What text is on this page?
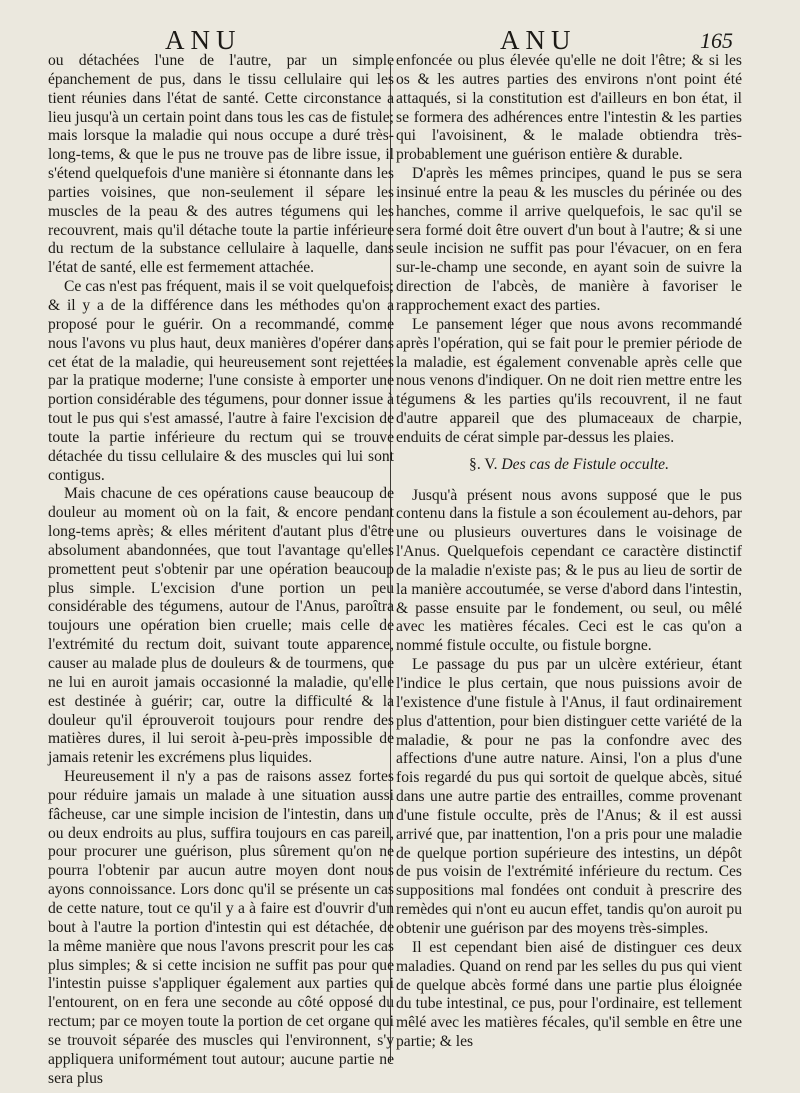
ANU	ANU	165

ou détachées l'une de l'autre, par un simple épanchement de pus, dans le tissu cellulaire qui les tient réunies dans l'état de santé. Cette circonstance a lieu jusqu'à un certain point dans tous les cas de fistule; mais lorsque la maladie qui nous occupe a duré très-long-tems, & que le pus ne trouve pas de libre issue, il s'étend quelquefois d'une manière si étonnante dans les parties voisines, que non-seulement il sépare les muscles de la peau & des autres tégumens qui les recouvrent, mais qu'il détache toute la partie inférieure du rectum de la substance cellulaire à laquelle, dans l'état de santé, elle est fermement attachée.

Ce cas n'est pas fréquent, mais il se voit quelquefois; & il y a de la différence dans les méthodes qu'on a proposé pour le guérir. On a recommandé, comme nous l'avons vu plus haut, deux manières d'opérer dans cet état de la maladie, qui heureusement sont rejettées par la pratique moderne; l'une consiste à emporter une portion considérable des tégumens, pour donner issue à tout le pus qui s'est amassé, l'autre à faire l'excision de toute la partie inférieure du rectum qui se trouve détachée du tissu cellulaire & des muscles qui lui sont contigus.

Mais chacune de ces opérations cause beaucoup de douleur au moment où on la fait, & encore pendant long-tems après; & elles méritent d'autant plus d'être absolument abandonnées, que tout l'avantage qu'elles promettent peut s'obtenir par une opération beaucoup plus simple. L'excision d'une portion un peu considérable des tégumens, autour de l'Anus, paroîtra toujours une opération bien cruelle; mais celle de l'extrémité du rectum doit, suivant toute apparence, causer au malade plus de douleurs & de tourmens, que ne lui en auroit jamais occasionné la maladie, qu'elle est destinée à guérir; car, outre la difficulté & la douleur qu'il éprouveroit toujours pour rendre des matières dures, il lui seroit à-peu-près impossible de jamais retenir les excrémens plus liquides.

Heureusement il n'y a pas de raisons assez fortes pour réduire jamais un malade à une situation aussi fâcheuse, car une simple incision de l'intestin, dans un ou deux endroits au plus, suffira toujours en cas pareil, pour procurer une guérison, plus sûrement qu'on ne pourra l'obtenir par aucun autre moyen dont nous ayons connoissance. Lors donc qu'il se présente un cas de cette nature, tout ce qu'il y a à faire est d'ouvrir d'un bout à l'autre la portion d'intestin qui est détachée, de la même manière que nous l'avons prescrit pour les cas plus simples; & si cette incision ne suffit pas pour que l'intestin puisse s'appliquer également aux parties qui l'entourent, on en fera une seconde au côté opposé du rectum; par ce moyen toute la portion de cet organe qui se trouvoit séparée des muscles qui l'environnent, s'y appliquera uniformément tout autour; aucune partie ne sera plus

enfoncée ou plus élevée qu'elle ne doit l'être; & si les os & les autres parties des environs n'ont point été attaqués, si la constitution est d'ailleurs en bon état, il se formera des adhérences entre l'intestin & les parties qui l'avoisinent, & le malade obtiendra très-probablement une guérison entière & durable.

D'après les mêmes principes, quand le pus se sera insinué entre la peau & les muscles du périnée ou des hanches, comme il arrive quelquefois, le sac qu'il se sera formé doit être ouvert d'un bout à l'autre; & si une seule incision ne suffit pas pour l'évacuer, on en fera sur-le-champ une seconde, en ayant soin de suivre la direction de l'abcès, de manière à favoriser le rapprochement exact des parties.

Le pansement léger que nous avons recommandé après l'opération, qui se fait pour le premier période de la maladie, est également convenable après celle que nous venons d'indiquer. On ne doit rien mettre entre les tégumens & les parties qu'ils recouvrent, il ne faut d'autre appareil que des plumaceaux de charpie, enduits de cérat simple par-dessus les plaies.

§. V. Des cas de Fistule occulte.

Jusqu'à présent nous avons supposé que le pus contenu dans la fistule a son écoulement au-dehors, par une ou plusieurs ouvertures dans le voisinage de l'Anus. Quelquefois cependant ce caractère distinctif de la maladie n'existe pas; & le pus au lieu de sortir de la manière accoutumée, se verse d'abord dans l'intestin, & passe ensuite par le fondement, ou seul, ou mêlé avec les matières fécales. Ceci est le cas qu'on a nommé fistule occulte, ou fistule borgne.

Le passage du pus par un ulcère extérieur, étant l'indice le plus certain, que nous puissions avoir de l'existence d'une fistule à l'Anus, il faut ordinairement plus d'attention, pour bien distinguer cette variété de la maladie, & pour ne pas la confondre avec des affections d'une autre nature. Ainsi, l'on a plus d'une fois regardé du pus qui sortoit de quelque abcès, situé dans une autre partie des entrailles, comme provenant d'une fistule occulte, près de l'Anus; & il est aussi arrivé que, par inattention, l'on a pris pour une maladie de quelque portion supérieure des intestins, un dépôt de pus voisin de l'extrémité inférieure du rectum. Ces suppositions mal fondées ont conduit à prescrire des remèdes qui n'ont eu aucun effet, tandis qu'on auroit pu obtenir une guérison par des moyens très-simples.

Il est cependant bien aisé de distinguer ces deux maladies. Quand on rend par les selles du pus qui vient de quelque abcès formé dans une partie plus éloignée du tube intestinal, ce pus, pour l'ordinaire, est tellement mêlé avec les matières fécales, qu'il semble en être une partie; & les
